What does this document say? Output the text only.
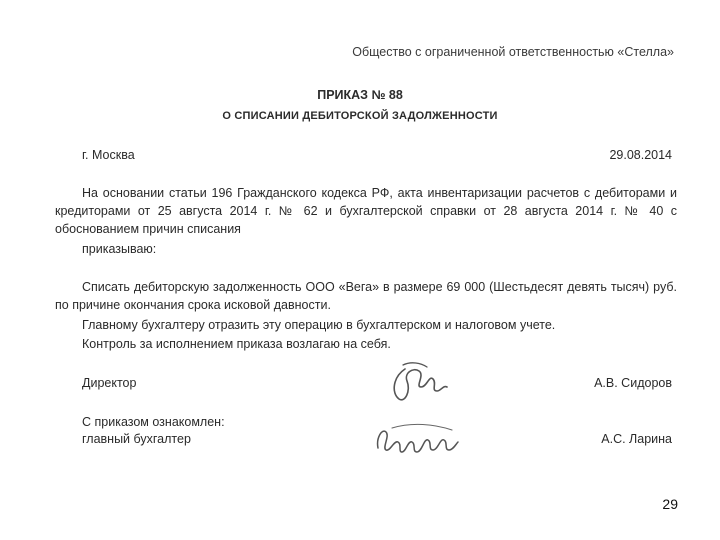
Общество с ограниченной ответственностью «Стелла»
ПРИКАЗ № 88
О СПИСАНИИ ДЕБИТОРСКОЙ ЗАДОЛЖЕННОСТИ
г. Москва	29.08.2014
На основании статьи 196 Гражданского кодекса РФ, акта инвентаризации расчетов с дебиторами и кредиторами от 25 августа 2014 г. № 62 и бухгалтерской справки от 28 августа 2014 г. № 40 с обоснованием причин списания
приказываю:
Списать дебиторскую задолженность ООО «Вега» в размере 69 000 (Шестьдесят девять тысяч) руб. по причине окончания срока исковой давности.
Главному бухгалтеру отразить эту операцию в бухгалтерском и налоговом учете.
Контроль за исполнением приказа возлагаю на себя.
Директор	А.В. Сидоров
С приказом ознакомлен:
главный бухгалтер	А.С. Ларина
29
